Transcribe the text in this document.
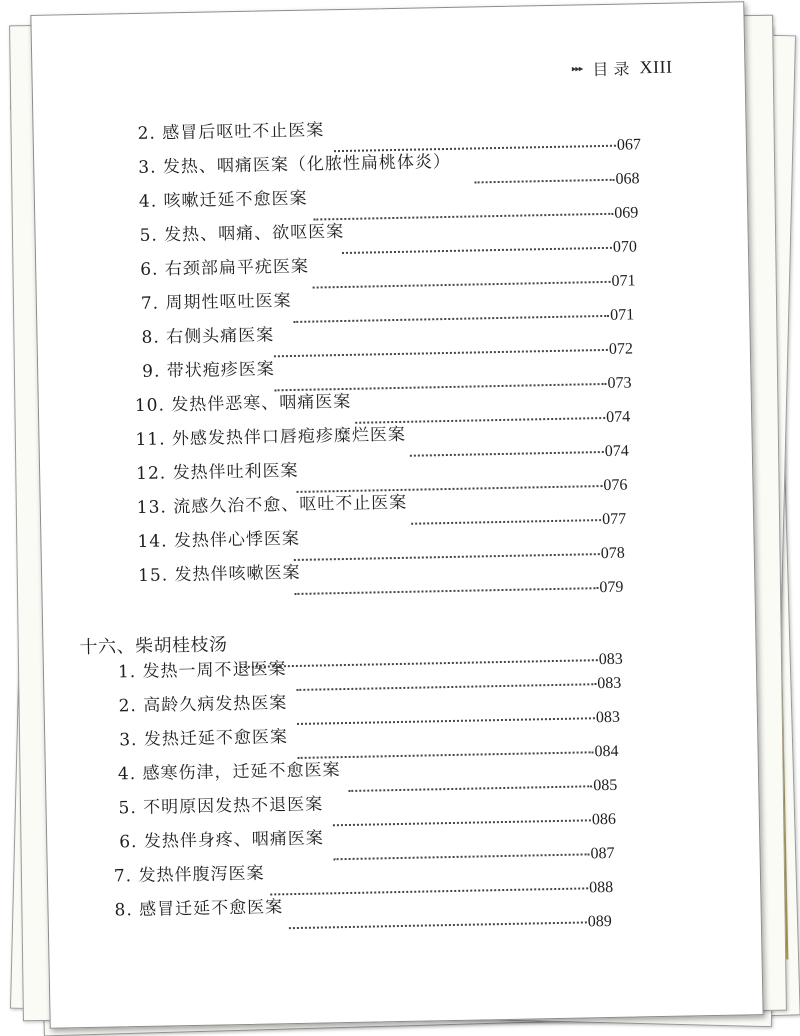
▸▸▸ 目 录 XIII
2. 感冒后呕吐不止医案
067
3. 发热、咽痛医案（化脓性扁桃体炎）
068
4. 咳嗽迁延不愈医案
069
5. 发热、咽痛、欲呕医案
070
6. 右颈部扁平疣医案
071
7. 周期性呕吐医案
071
8. 右侧头痛医案
072
9. 带状疱疹医案
073
10. 发热伴恶寒、咽痛医案
074
11. 外感发热伴口唇疱疹糜烂医案
074
12. 发热伴吐利医案
076
13. 流感久治不愈、呕吐不止医案
077
14. 发热伴心悸医案
078
15. 发热伴咳嗽医案
079
十六、柴胡桂枝汤
083
1. 发热一周不退医案
083
2. 高龄久病发热医案
083
3. 发热迁延不愈医案
084
4. 感寒伤津，迁延不愈医案
085
5. 不明原因发热不退医案
086
6. 发热伴身疼、咽痛医案
087
7. 发热伴腹泻医案
088
8. 感冒迁延不愈医案
089
